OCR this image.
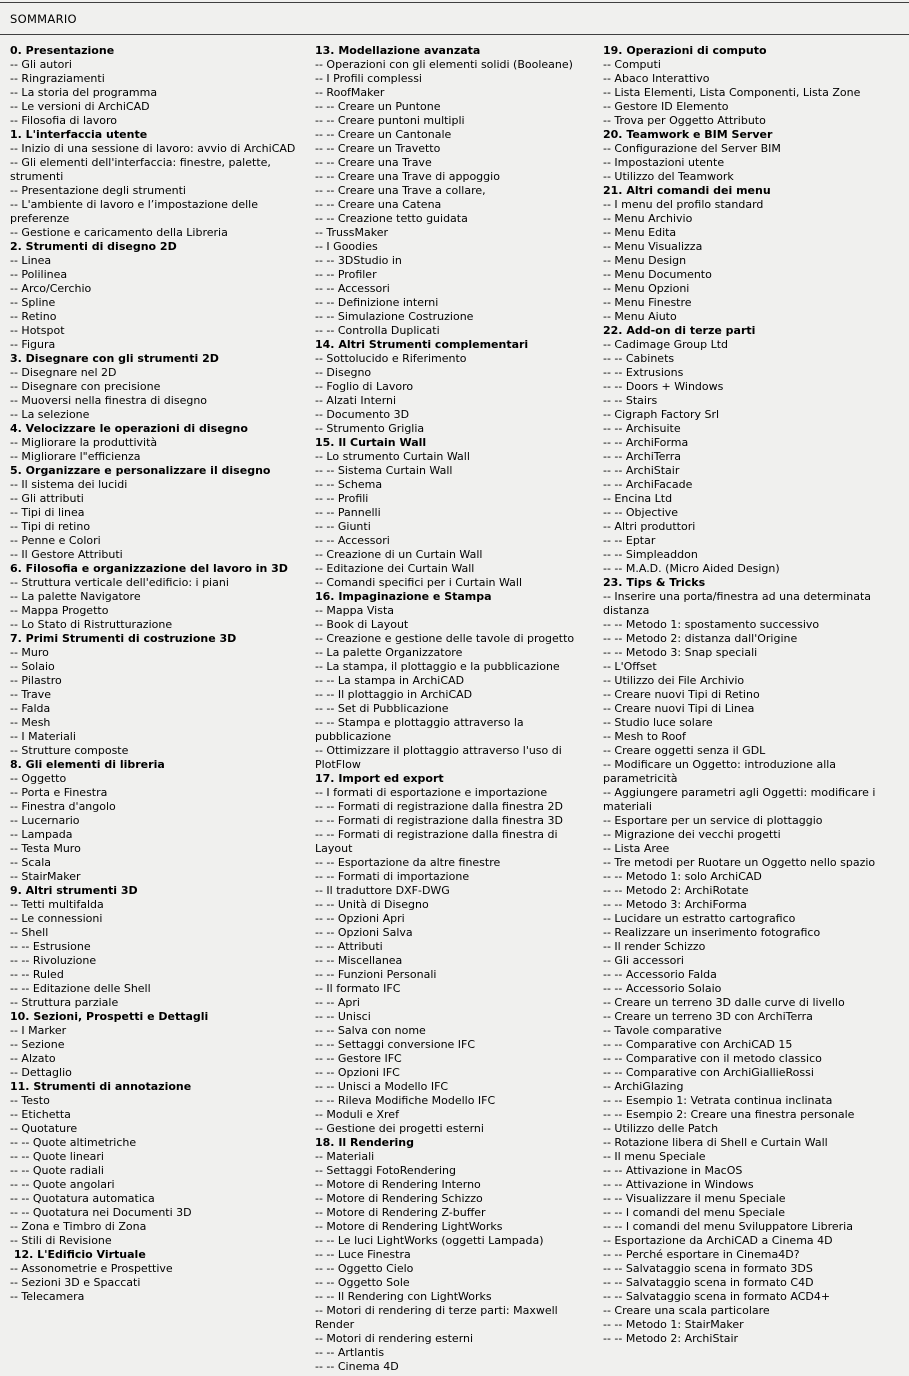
SOMMARIO
0. Presentazione
-- Gli autori
-- Ringraziamenti
-- La storia del programma
-- Le versioni di ArchiCAD
-- Filosofia di lavoro
1. L'interfaccia utente
-- Inizio di una sessione di lavoro: avvio di ArchiCAD
-- Gli elementi dell'interfaccia: finestre, palette, strumenti
-- Presentazione degli strumenti
-- L'ambiente di lavoro e l’impostazione delle preferenze
-- Gestione e caricamento della Libreria
2. Strumenti di disegno 2D
-- Linea
-- Polilinea
-- Arco/Cerchio
-- Spline
-- Retino
-- Hotspot
-- Figura
3. Disegnare con gli strumenti 2D
-- Disegnare nel 2D
-- Disegnare con precisione
-- Muoversi nella finestra di disegno
-- La selezione
4. Velocizzare le operazioni di disegno
-- Migliorare la produttività
-- Migliorare l"efficienza
5. Organizzare e personalizzare il disegno
-- Il sistema dei lucidi
-- Gli attributi
-- Tipi di linea
-- Tipi di retino
-- Penne e Colori
-- Il Gestore Attributi
6. Filosofia e organizzazione del lavoro in 3D
-- Struttura verticale dell'edificio: i piani
-- La palette Navigatore
-- Mappa Progetto
-- Lo Stato di Ristrutturazione
7. Primi Strumenti di costruzione 3D
-- Muro
-- Solaio
-- Pilastro
-- Trave
-- Falda
-- Mesh
-- I Materiali
-- Strutture composte
8. Gli elementi di libreria
-- Oggetto
-- Porta e Finestra
-- Finestra d'angolo
-- Lucernario
-- Lampada
-- Testa Muro
-- Scala
-- StairMaker
9. Altri strumenti 3D
-- Tetti multifalda
-- Le connessioni
-- Shell
-- -- Estrusione
-- -- Rivoluzione
-- -- Ruled
-- -- Editazione delle Shell
-- Struttura parziale
10. Sezioni, Prospetti e Dettagli
-- I Marker
-- Sezione
-- Alzato
-- Dettaglio
11. Strumenti di annotazione
-- Testo
-- Etichetta
-- Quotature
-- -- Quote altimetriche
-- -- Quote lineari
-- -- Quote radiali
-- -- Quote angolari
-- -- Quotatura automatica
-- -- Quotatura nei Documenti 3D
-- Zona e Timbro di Zona
-- Stili di Revisione
12. L'Edificio Virtuale
-- Assonometrie e Prospettive
-- Sezioni 3D e Spaccati
-- Telecamera
13. Modellazione avanzata
-- Operazioni con gli elementi solidi (Booleane)
-- I Profili complessi
-- RoofMaker
-- -- Creare un Puntone
-- -- Creare puntoni multipli
-- -- Creare un Cantonale
-- -- Creare un Travetto
-- -- Creare una Trave
-- -- Creare una Trave di appoggio
-- -- Creare una Trave a collare,
-- -- Creare una Catena
-- -- Creazione tetto guidata
-- TrussMaker
-- I Goodies
-- -- 3DStudio in
-- -- Profiler
-- -- Accessori
-- -- Definizione interni
-- -- Simulazione Costruzione
-- -- Controlla Duplicati
14. Altri Strumenti complementari
-- Sottolucido e Riferimento
-- Disegno
-- Foglio di Lavoro
-- Alzati Interni
-- Documento 3D
-- Strumento Griglia
15. Il Curtain Wall
-- Lo strumento Curtain Wall
-- -- Sistema Curtain Wall
-- -- Schema
-- -- Profili
-- -- Pannelli
-- -- Giunti
-- -- Accessori
-- Creazione di un Curtain Wall
-- Editazione dei Curtain Wall
-- Comandi specifici per i Curtain Wall
16. Impaginazione e Stampa
-- Mappa Vista
-- Book di Layout
-- Creazione e gestione delle tavole di progetto
-- La palette Organizzatore
-- La stampa, il plottaggio e la pubblicazione
-- -- La stampa in ArchiCAD
-- -- Il plottaggio in ArchiCAD
-- -- Set di Pubblicazione
-- -- Stampa e plottaggio attraverso la pubblicazione
-- Ottimizzare il plottaggio attraverso l'uso di PlotFlow
17. Import ed export
-- I formati di esportazione e importazione
-- -- Formati di registrazione dalla finestra 2D
-- -- Formati di registrazione dalla finestra 3D
-- -- Formati di registrazione dalla finestra di Layout
-- -- Esportazione da altre finestre
-- -- Formati di importazione
-- Il traduttore DXF-DWG
-- -- Unità di Disegno
-- -- Opzioni Apri
-- -- Opzioni Salva
-- -- Attributi
-- -- Miscellanea
-- -- Funzioni Personali
-- Il formato IFC
-- -- Apri
-- -- Unisci
-- -- Salva con nome
-- -- Settaggi conversione IFC
-- -- Gestore IFC
-- -- Opzioni IFC
-- -- Unisci a Modello IFC
-- -- Rileva Modifiche Modello IFC
-- Moduli e Xref
-- Gestione dei progetti esterni
18. Il Rendering
-- Materiali
-- Settaggi FotoRendering
-- Motore di Rendering Interno
-- Motore di Rendering Schizzo
-- Motore di Rendering Z-buffer
-- Motore di Rendering LightWorks
-- -- Le luci LightWorks (oggetti Lampada)
-- -- Luce Finestra
-- -- Oggetto Cielo
-- -- Oggetto Sole
-- -- Il Rendering con LightWorks
-- Motori di rendering di terze parti: Maxwell Render
-- Motori di rendering esterni
-- -- Artlantis
-- -- Cinema 4D
19. Operazioni di computo
-- Computi
-- Abaco Interattivo
-- Lista Elementi, Lista Componenti, Lista Zone
-- Gestore ID Elemento
-- Trova per Oggetto Attributo
20. Teamwork e BIM Server
-- Configurazione del Server BIM
-- Impostazioni utente
-- Utilizzo del Teamwork
21. Altri comandi dei menu
-- I menu del profilo standard
-- Menu Archivio
-- Menu Edita
-- Menu Visualizza
-- Menu Design
-- Menu Documento
-- Menu Opzioni
-- Menu Finestre
-- Menu Aiuto
22. Add-on di terze parti
-- Cadimage Group Ltd
-- -- Cabinets
-- -- Extrusions
-- -- Doors + Windows
-- -- Stairs
-- Cigraph Factory Srl
-- -- Archisuite
-- -- ArchiForma
-- -- ArchiTerra
-- -- ArchiStair
-- -- ArchiFacade
-- Encina Ltd
-- -- Objective
-- Altri produttori
-- -- Eptar
-- -- Simpleaddon
-- -- M.A.D. (Micro Aided Design)
23. Tips & Tricks
-- Inserire una porta/finestra ad una determinata distanza
-- -- Metodo 1: spostamento successivo
-- -- Metodo 2: distanza dall'Origine
-- -- Metodo 3: Snap speciali
-- L'Offset
-- Utilizzo dei File Archivio
-- Creare nuovi Tipi di Retino
-- Creare nuovi Tipi di Linea
-- Studio luce solare
-- Mesh to Roof
-- Creare oggetti senza il GDL
-- Modificare un Oggetto: introduzione alla parametricità
-- Aggiungere parametri agli Oggetti: modificare i materiali
-- Esportare per un service di plottaggio
-- Migrazione dei vecchi progetti
-- Lista Aree
-- Tre metodi per Ruotare un Oggetto nello spazio
-- -- Metodo 1: solo ArchiCAD
-- -- Metodo 2: ArchiRotate
-- -- Metodo 3: ArchiForma
-- Lucidare un estratto cartografico
-- Realizzare un inserimento fotografico
-- Il render Schizzo
-- Gli accessori
-- -- Accessorio Falda
-- -- Accessorio Solaio
-- Creare un terreno 3D dalle curve di livello
-- Creare un terreno 3D con ArchiTerra
-- Tavole comparative
-- -- Comparative con ArchiCAD 15
-- -- Comparative con il metodo classico
-- -- Comparative con ArchiGiallieRossi
-- ArchiGlazing
-- -- Esempio 1: Vetrata continua inclinata
-- -- Esempio 2: Creare una finestra personale
-- Utilizzo delle Patch
-- Rotazione libera di Shell e Curtain Wall
-- Il menu Speciale
-- -- Attivazione in MacOS
-- -- Attivazione in Windows
-- -- Visualizzare il menu Speciale
-- -- I comandi del menu Speciale
-- -- I comandi del menu Sviluppatore Libreria
-- Esportazione da ArchiCAD a Cinema 4D
-- -- Perché esportare in Cinema4D?
-- -- Salvataggio scena in formato 3DS
-- -- Salvataggio scena in formato C4D
-- -- Salvataggio scena in formato ACD4+
-- Creare una scala particolare
-- -- Metodo 1: StairMaker
-- -- Metodo 2: ArchiStair
